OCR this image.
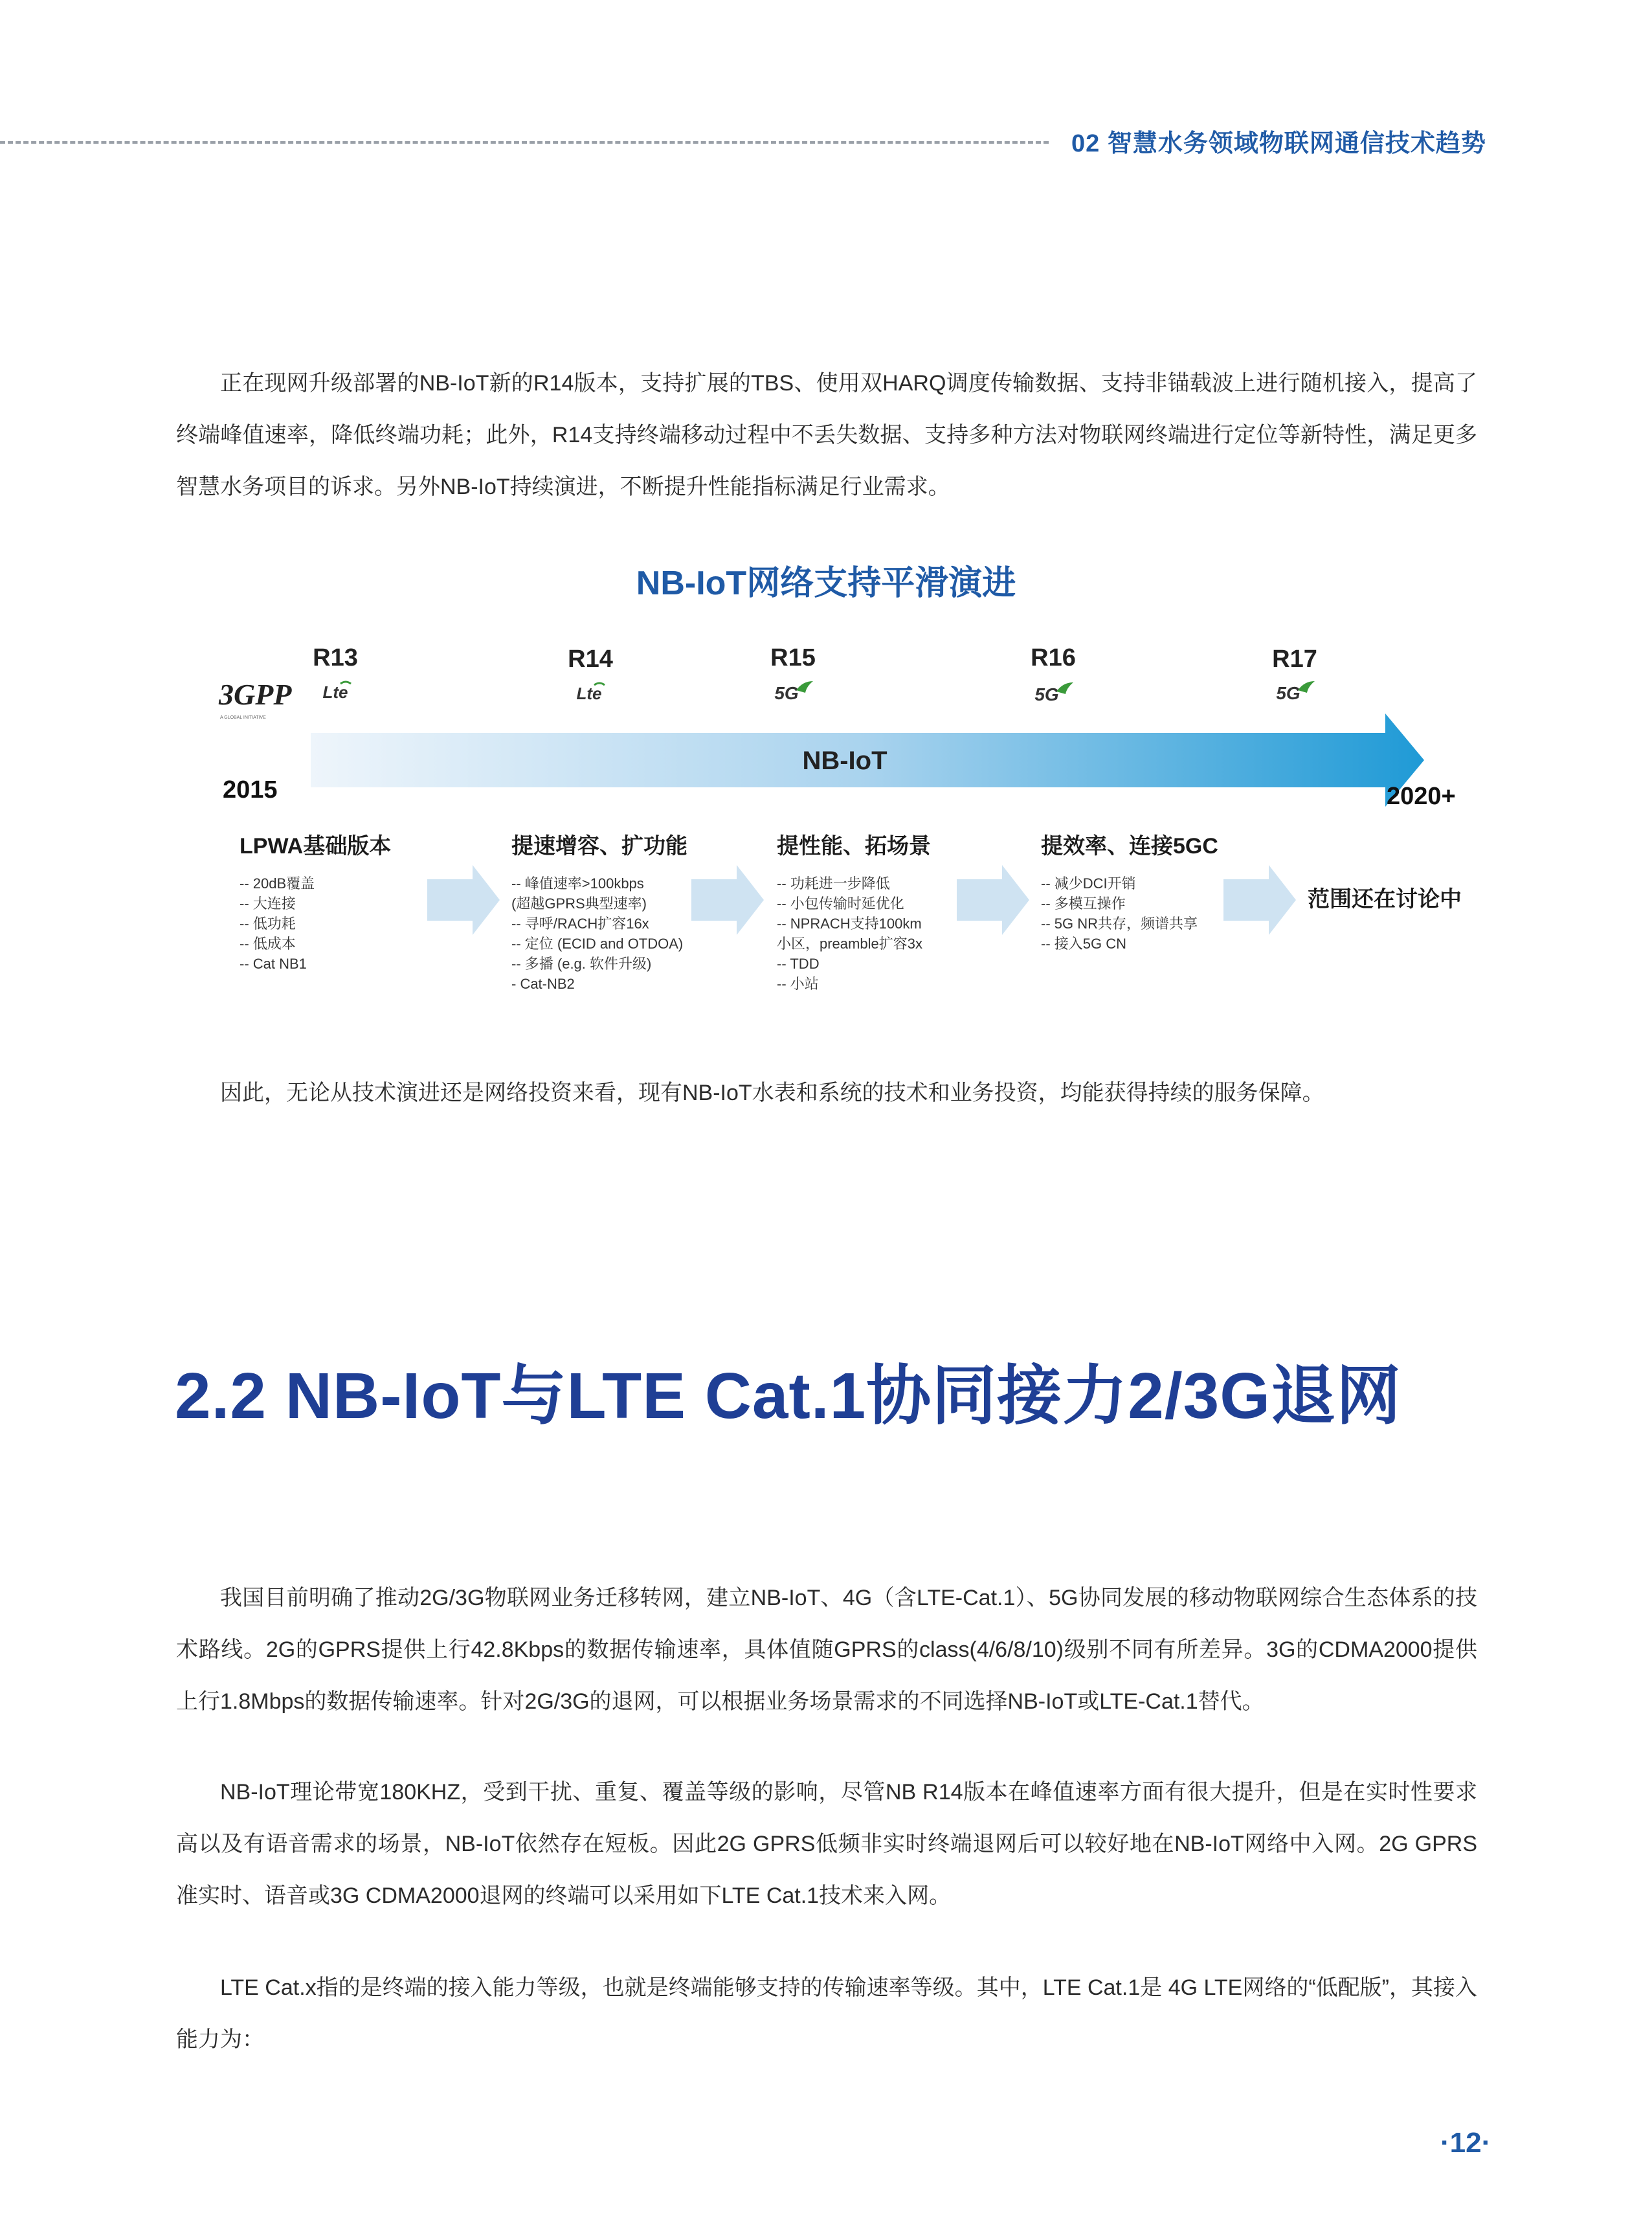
02 智慧水务领域物联网通信技术趋势
正在现网升级部署的NB-IoT新的R14版本，支持扩展的TBS、使用双HARQ调度传输数据、支持非锚载波上进行随机接入，提高了终端峰值速率，降低终端功耗；此外，R14支持终端移动过程中不丢失数据、支持多种方法对物联网终端进行定位等新特性，满足更多智慧水务项目的诉求。另外NB-IoT持续演进，不断提升性能指标满足行业需求。
NB-IoT网络支持平滑演进
3GPP
A GLOBAL INITIATIVE
R13
Lte
R14
Lte
R15
5G
R16
5G
R17
5G
NB-IoT
2015	2020+
LPWA基础版本
-- 20dB覆盖
-- 大连接
-- 低功耗
-- 低成本
-- Cat NB1
提速增容、扩功能
-- 峰值速率>100kbps
(超越GPRS典型速率)
-- 寻呼/RACH扩容16x
-- 定位 (ECID and OTDOA)
-- 多播 (e.g. 软件升级)
- Cat-NB2
提性能、拓场景
-- 功耗进一步降低
-- 小包传输时延优化
-- NPRACH支持100km
小区，preamble扩容3x
-- TDD
-- 小站
提效率、连接5GC
-- 减少DCI开销
-- 多模互操作
-- 5G NR共存，频谱共享
-- 接入5G CN
范围还在讨论中
因此，无论从技术演进还是网络投资来看，现有NB-IoT水表和系统的技术和业务投资，均能获得持续的服务保障。
2.2 NB-IoT与LTE Cat.1协同接力2/3G退网
我国目前明确了推动2G/3G物联网业务迁移转网，建立NB-IoT、4G（含LTE-Cat.1）、5G协同发展的移动物联网综合生态体系的技术路线。2G的GPRS提供上行42.8Kbps的数据传输速率，具体值随GPRS的class(4/6/8/10)级别不同有所差异。3G的CDMA2000提供上行1.8Mbps的数据传输速率。针对2G/3G的退网，可以根据业务场景需求的不同选择NB-IoT或LTE-Cat.1替代。
NB-IoT理论带宽180KHZ，受到干扰、重复、覆盖等级的影响，尽管NB R14版本在峰值速率方面有很大提升，但是在实时性要求高以及有语音需求的场景，NB-IoT依然存在短板。因此2G GPRS低频非实时终端退网后可以较好地在NB-IoT网络中入网。2G GPRS准实时、语音或3G CDMA2000退网的终端可以采用如下LTE Cat.1技术来入网。
LTE Cat.x指的是终端的接入能力等级，也就是终端能够支持的传输速率等级。其中，LTE Cat.1是 4G LTE网络的“低配版”，其接入能力为：
·12·
